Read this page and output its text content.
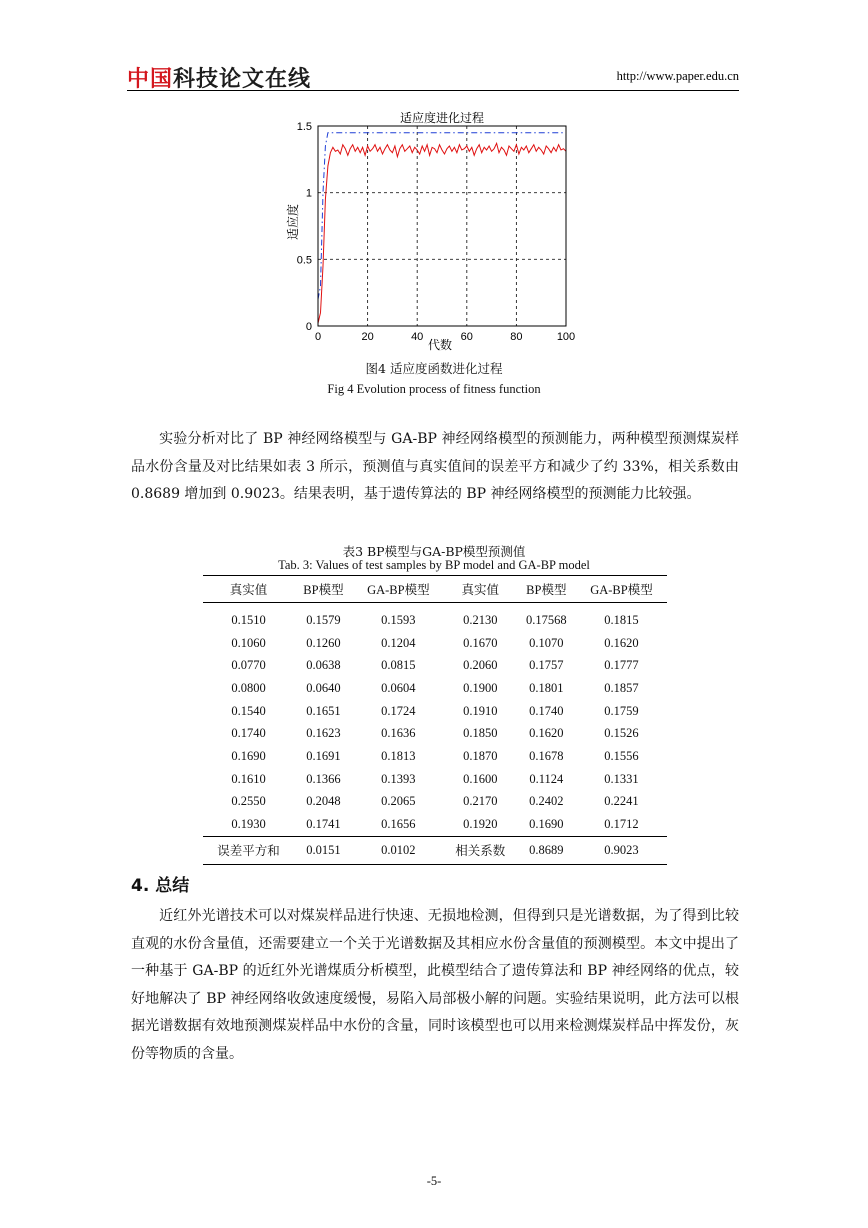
中国科技论文在线	http://www.paper.edu.cn
适应度进化过程
适应度
代数
0	20	40	60	80	100
0
0.5
1
1.5
图4 适应度函数进化过程
Fig 4 Evolution process of fitness function
实验分析对比了 BP 神经网络模型与 GA-BP 神经网络模型的预测能力，两种模型预测煤炭样品水份含量及对比结果如表 3 所示，预测值与真实值间的误差平方和减少了约 33%，相关系数由 0.8689 增加到 0.9023。结果表明，基于遗传算法的 BP 神经网络模型的预测能力比较强。
表3 BP模型与GA-BP模型预测值
Tab. 3: Values of test samples by BP model and GA-BP model
真实值	BP模型	GA-BP模型	真实值	BP模型	GA-BP模型
0.1510	0.1579	0.1593	0.2130	0.17568	0.1815
0.1060	0.1260	0.1204	0.1670	0.1070	0.1620
0.0770	0.0638	0.0815	0.2060	0.1757	0.1777
0.0800	0.0640	0.0604	0.1900	0.1801	0.1857
0.1540	0.1651	0.1724	0.1910	0.1740	0.1759
0.1740	0.1623	0.1636	0.1850	0.1620	0.1526
0.1690	0.1691	0.1813	0.1870	0.1678	0.1556
0.1610	0.1366	0.1393	0.1600	0.1124	0.1331
0.2550	0.2048	0.2065	0.2170	0.2402	0.2241
0.1930	0.1741	0.1656	0.1920	0.1690	0.1712
误差平方和	0.0151	0.0102	相关系数	0.8689	0.9023
4. 总结
近红外光谱技术可以对煤炭样品进行快速、无损地检测，但得到只是光谱数据，为了得到比较直观的水份含量值，还需要建立一个关于光谱数据及其相应水份含量值的预测模型。本文中提出了一种基于 GA-BP 的近红外光谱煤质分析模型，此模型结合了遗传算法和 BP 神经网络的优点，较好地解决了 BP 神经网络收敛速度缓慢，易陷入局部极小解的问题。实验结果说明，此方法可以根据光谱数据有效地预测煤炭样品中水份的含量，同时该模型也可以用来检测煤炭样品中挥发份，灰份等物质的含量。
-5-
